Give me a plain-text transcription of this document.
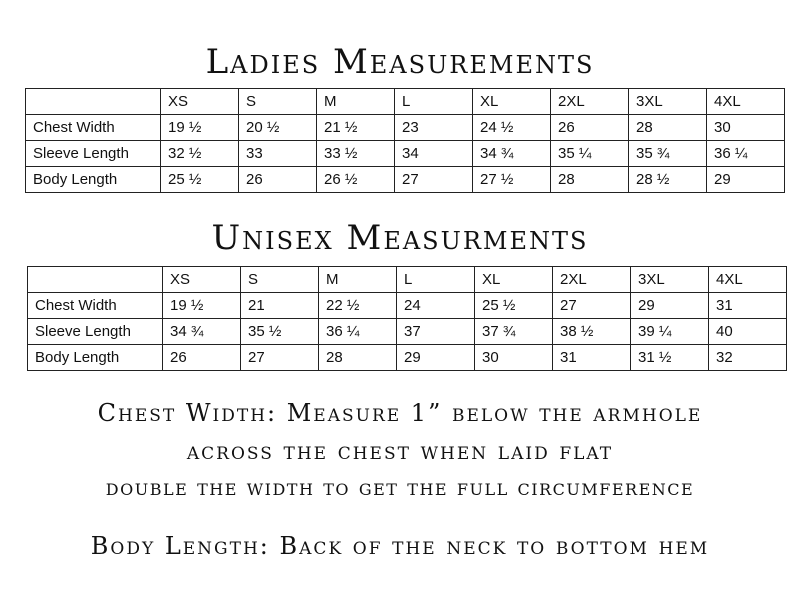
Ladies Measurements
	XS	S	M	L	XL	2XL	3XL	4XL
Chest Width	19 ½	20 ½	21 ½	23	24 ½	26	28	30
Sleeve Length	32 ½	33	33 ½	34	34 ¾	35 ¼	35 ¾	36 ¼
Body Length	25 ½	26	26 ½	27	27 ½	28	28 ½	29
Unisex Measurments
	XS	S	M	L	XL	2XL	3XL	4XL
Chest Width	19 ½	21	22 ½	24	25 ½	27	29	31
Sleeve Length	34 ¾	35 ½	36 ¼	37	37 ¾	38 ½	39 ¼	40
Body Length	26	27	28	29	30	31	31 ½	32

Chest Width: Measure 1” below the armhole

across the chest when laid flat

double the width to get the full circumference

Body Length: Back of the neck to bottom hem
